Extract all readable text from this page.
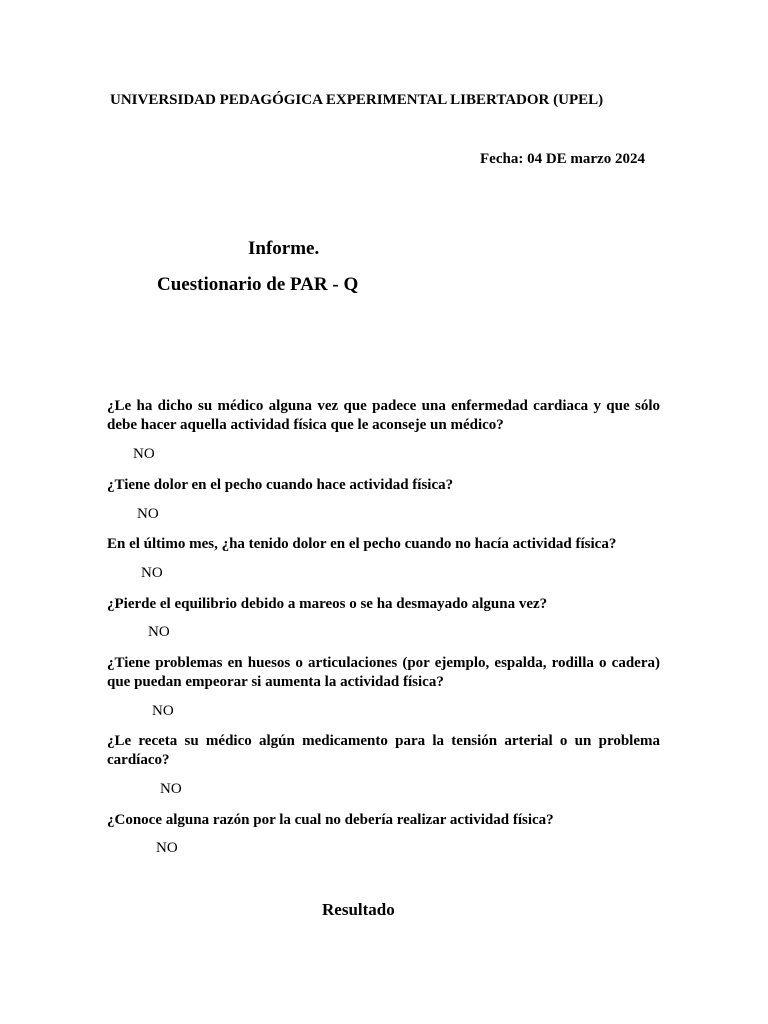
UNIVERSIDAD PEDAGÓGICA EXPERIMENTAL LIBERTADOR (UPEL)
Fecha: 04 DE marzo 2024
Informe.
Cuestionario de PAR - Q
¿Le ha dicho su médico alguna vez que padece una enfermedad cardiaca y que sólo debe hacer aquella actividad física que le aconseje un médico?
NO
¿Tiene dolor en el pecho cuando hace actividad física?
NO
En el último mes, ¿ha tenido dolor en el pecho cuando no hacía actividad física?
NO
¿Pierde el equilibrio debido a mareos o se ha desmayado alguna vez?
NO
¿Tiene problemas en huesos o articulaciones (por ejemplo, espalda, rodilla o cadera) que puedan empeorar si aumenta la actividad física?
NO
¿Le receta su médico algún medicamento para la tensión arterial o un problema cardíaco?
NO
¿Conoce alguna razón por la cual no debería realizar actividad física?
NO
Resultado
